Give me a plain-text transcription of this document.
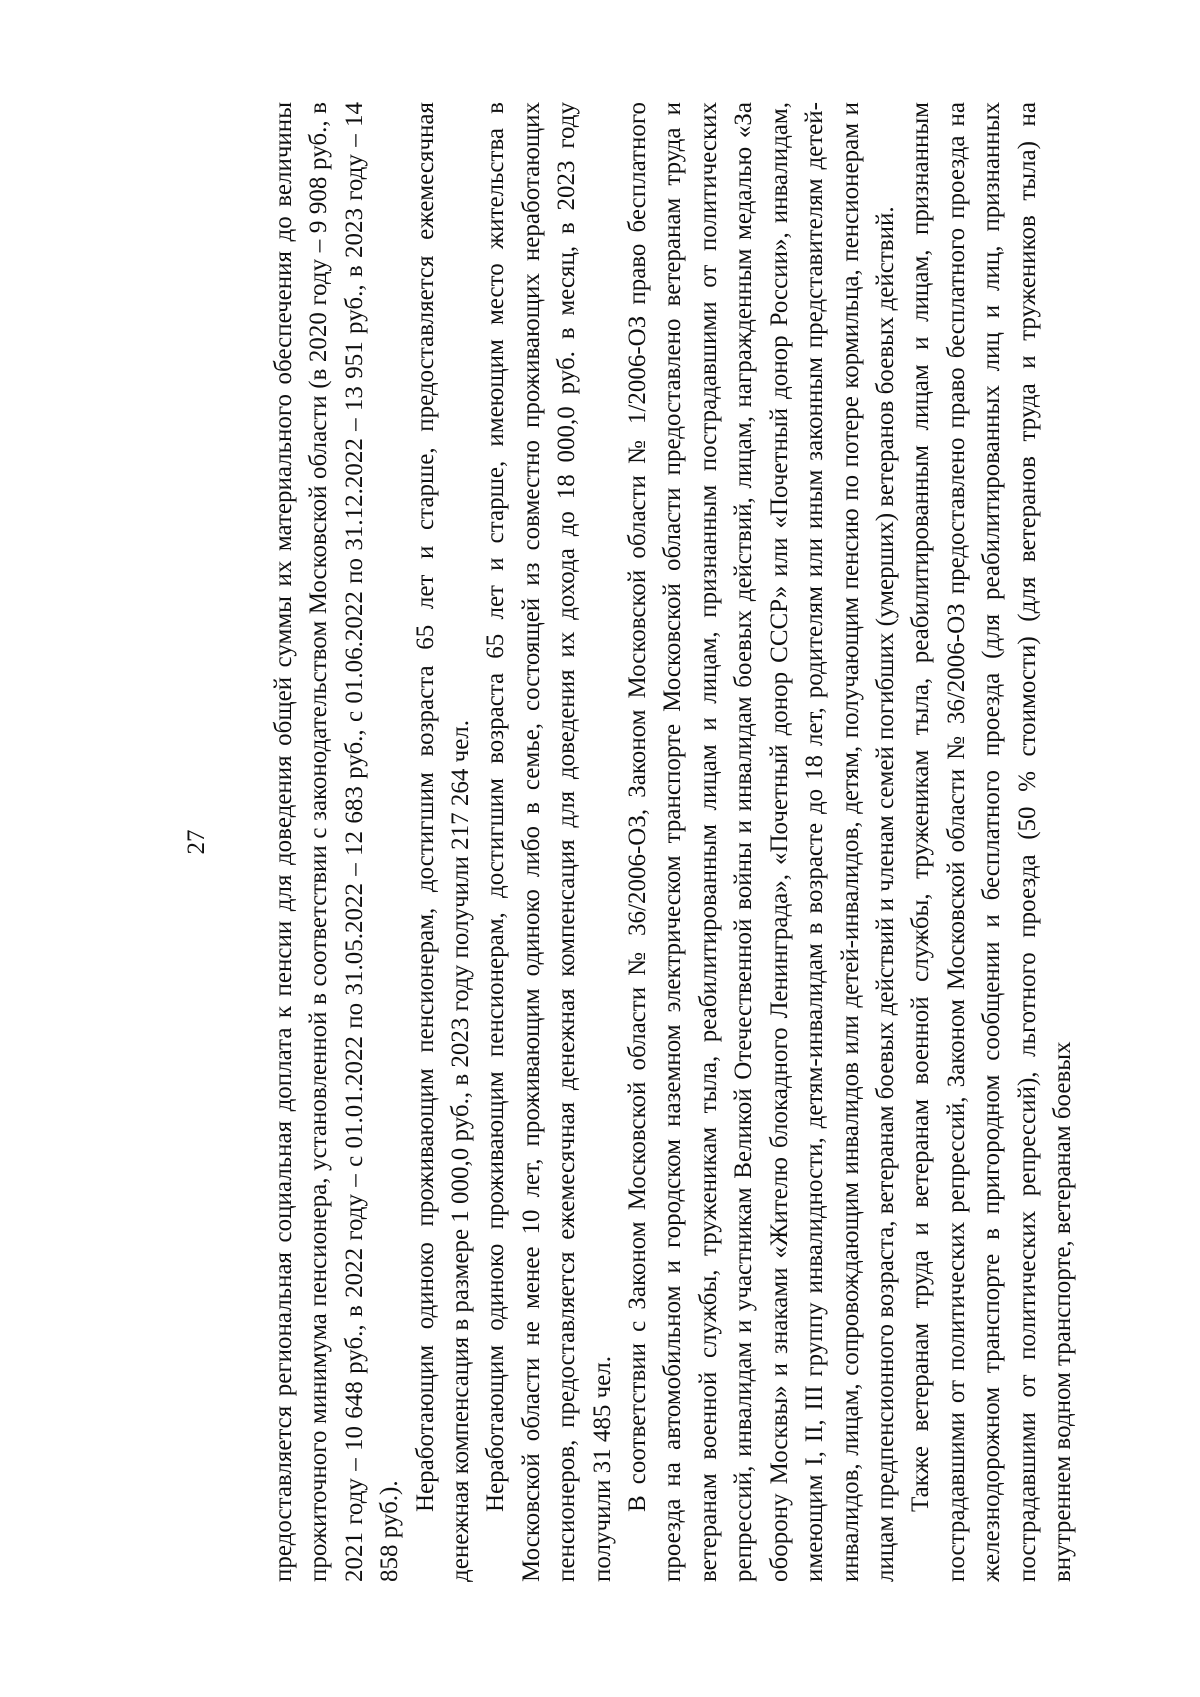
27 предоставляется региональная социальная доплата к пенсии для доведения общей суммы их материального обеспечения до величины прожиточного минимума пенсионера, установленной в соответствии с законодательством Московской области (в 2020 году – 9 908 руб., в 2021 году – 10 648 руб., в 2022 году – с 01.01.2022 по 31.05.2022 – 12 683 руб., с 01.06.2022 по 31.12.2022 – 13 951 руб., в 2023 году – 14 858 руб.).

Неработающим одиноко проживающим пенсионерам, достигшим возраста 65 лет и старше, предоставляется ежемесячная денежная компенсация в размере 1 000,0 руб., в 2023 году получили 217 264 чел. Неработающим одиноко проживающим пенсионерам, достигшим возраста 65 лет и старше, имеющим место жительства в Московской области не менее 10 лет, проживающим одиноко либо в семье, состоящей из совместно проживающих неработающих пенсионеров, предоставляется ежемесячная денежная компенсация для доведения их дохода до 18 000,0 руб. в месяц, в 2023 году получили 31 485 чел. В соответствии с Законом Московской области № 36/2006-ОЗ, Законом Московской области № 1/2006-ОЗ право бесплатного проезда на автомобильном и городском наземном электрическом транспорте Московской области предоставлено ветеранам труда и ветеранам военной службы, труженикам тыла, реабилитированным лицам и лицам, признанным пострадавшими от политических репрессий, инвалидам и участникам Великой Отечественной войны и инвалидам боевых действий, лицам, награжденным медалью «За оборону Москвы» и знаками «Жителю блокадного Ленинграда», «Почетный донор СССР» или «Почетный донор России», инвалидам, имеющим I, II, III группу инвалидности, детям-инвалидам в возрасте до 18 лет, родителям или иным законным представителям детей-инвалидов, лицам, сопровождающим инвалидов или детей-инвалидов, детям, получающим пенсию по потере кормильца, пенсионерам и лицам предпенсионного возраста, ветеранам боевых действий и членам семей погибших (умерших) ветеранов боевых действий. Также ветеранам труда и ветеранам военной службы, труженикам тыла, реабилитированным лицам и лицам, признанным пострадавшими от политических репрессий, Законом Московской области № 36/2006-ОЗ предоставлено право бесплатного проезда на железнодорожном транспорте в пригородном сообщении и бесплатного проезда (для реабилитированных лиц и лиц, признанных пострадавшими от политических репрессий), льготного проезда (50 % стоимости) (для ветеранов труда и тружеников тыла) на внутреннем водном транспорте, ветеранам боевых
